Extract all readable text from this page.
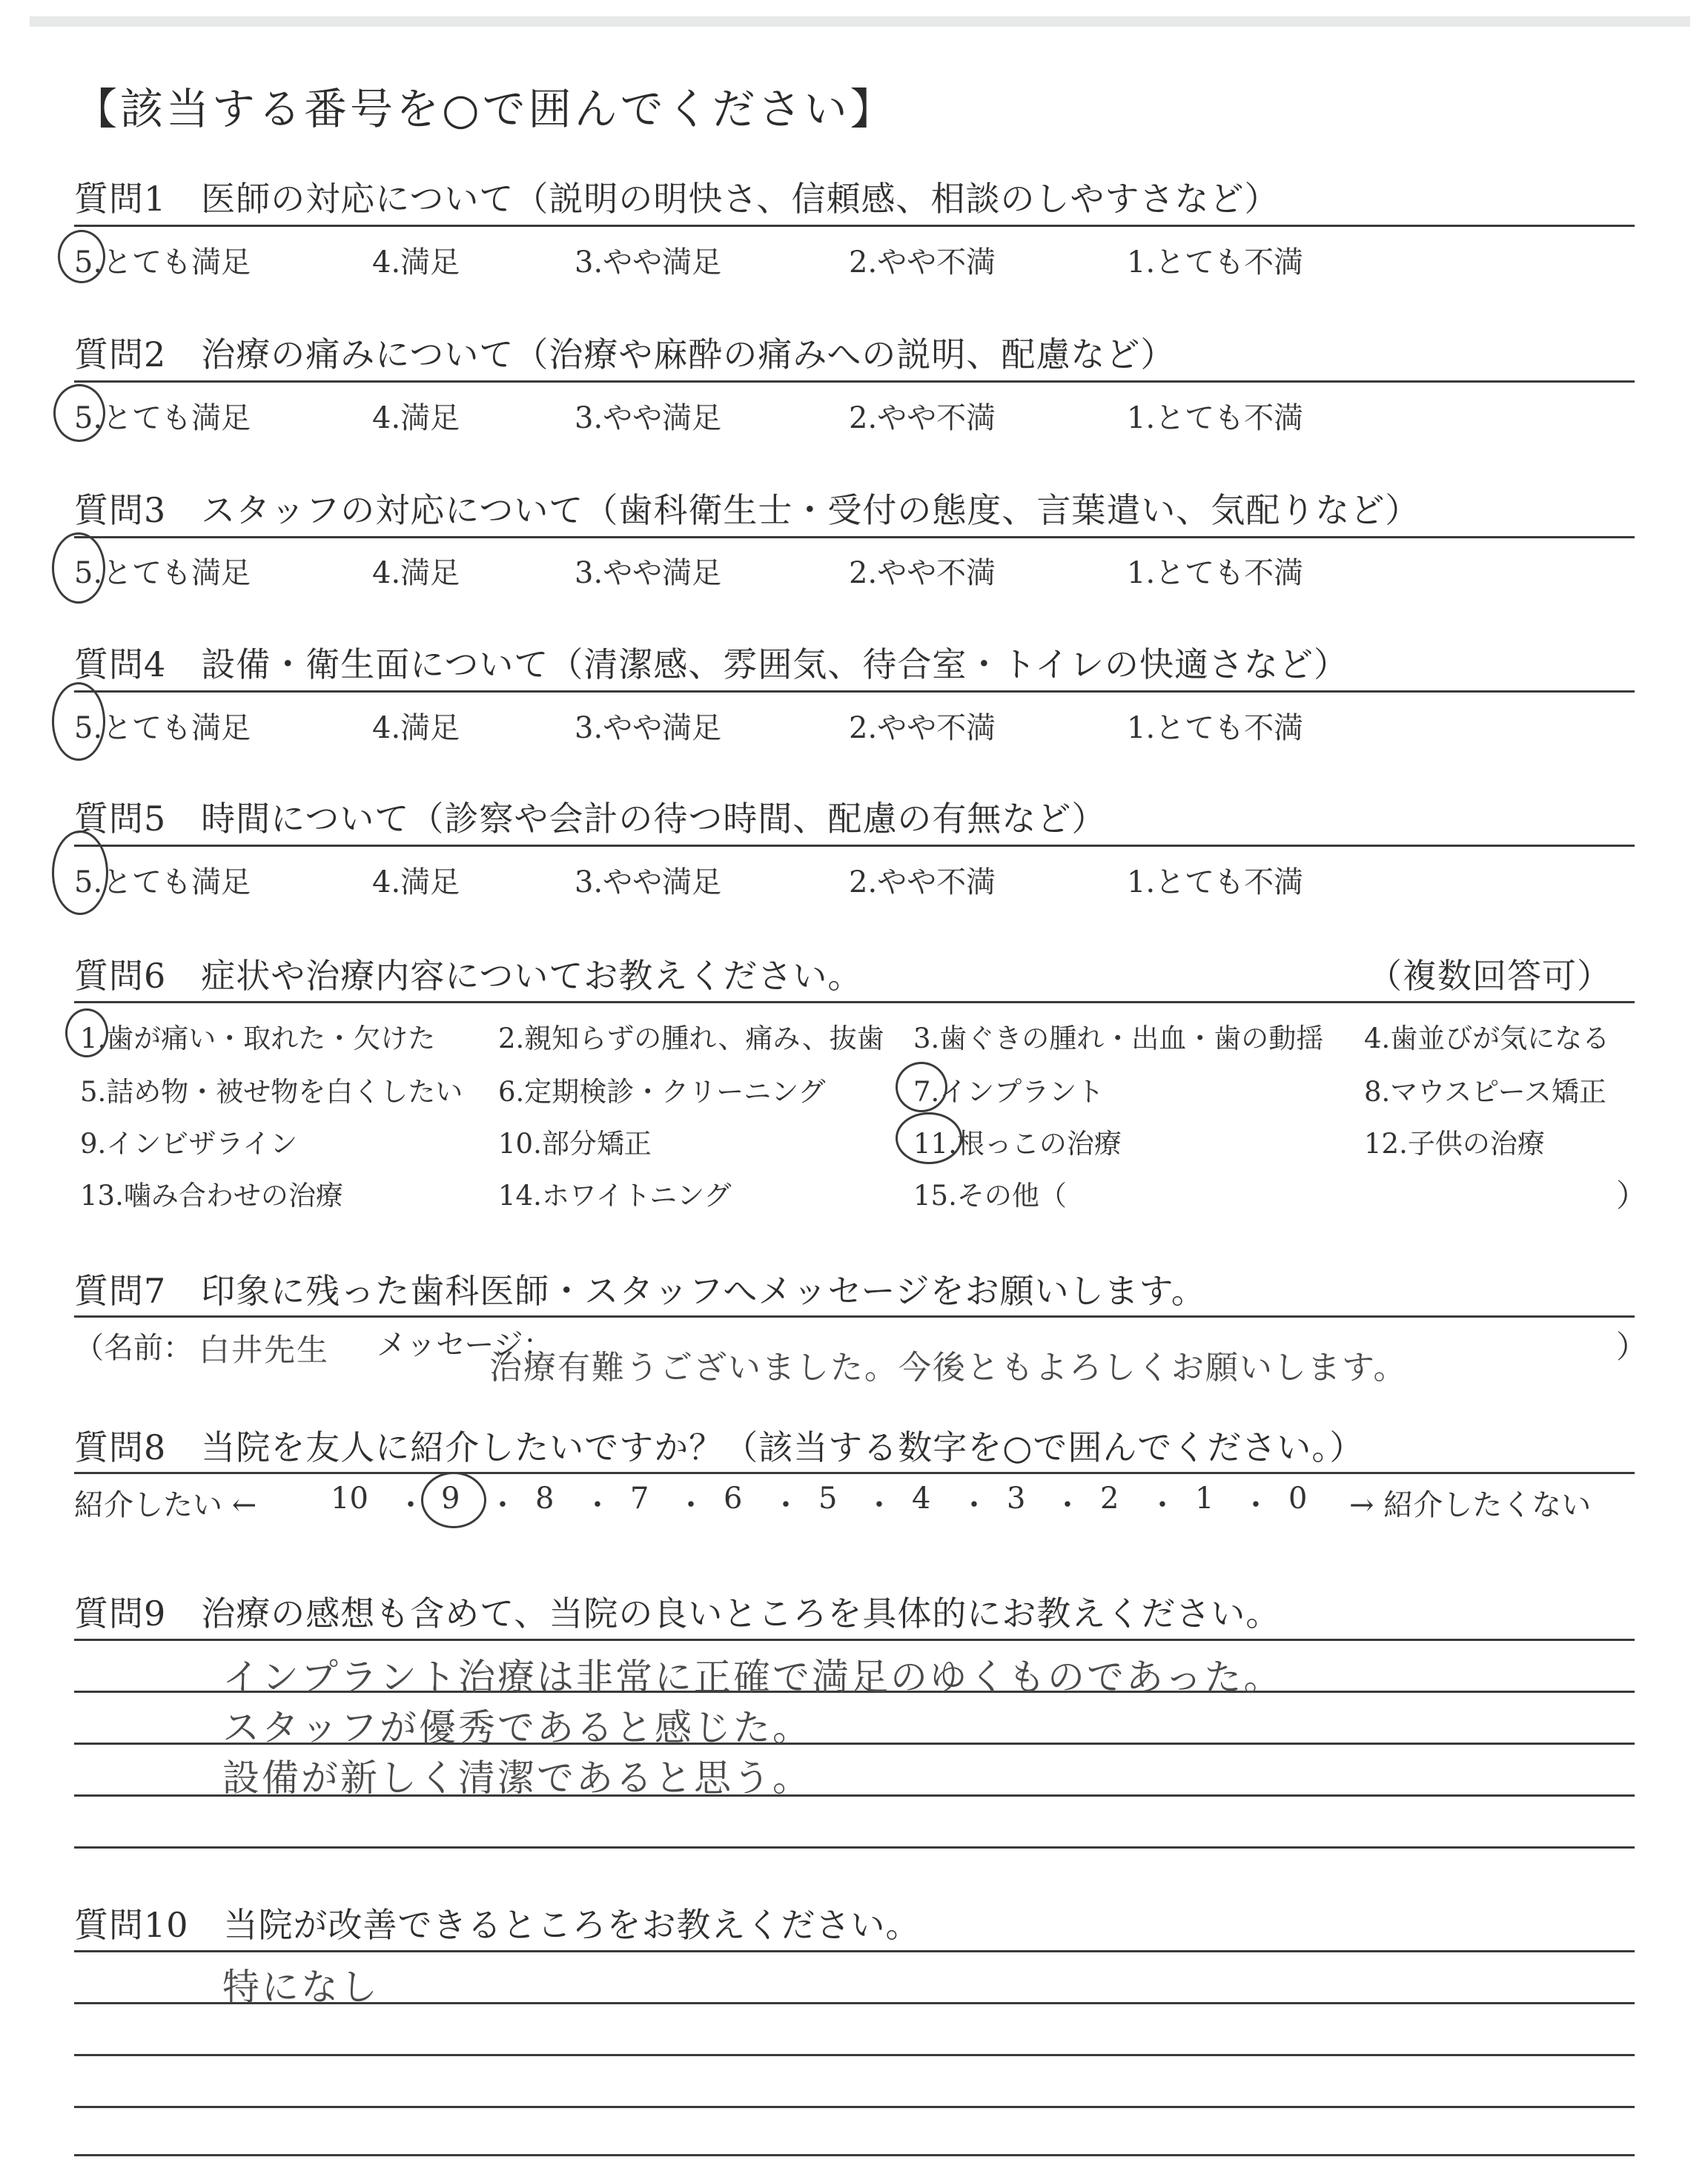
【該当する番号を○で囲んでください】
質問1　医師の対応について（説明の明快さ、信頼感、相談のしやすさなど）
5.とても満足	4.満足	3.やや満足	2.やや不満	1.とても不満
質問2　治療の痛みについて（治療や麻酔の痛みへの説明、配慮など）
5.とても満足	4.満足	3.やや満足	2.やや不満	1.とても不満
質問3　スタッフの対応について（歯科衛生士・受付の態度、言葉遣い、気配りなど）
5.とても満足	4.満足	3.やや満足	2.やや不満	1.とても不満
質問4　設備・衛生面について（清潔感、雰囲気、待合室・トイレの快適さなど）
5.とても満足	4.満足	3.やや満足	2.やや不満	1.とても不満
質問5　時間について（診察や会計の待つ時間、配慮の有無など）
5.とても満足	4.満足	3.やや満足	2.やや不満	1.とても不満
質問6　症状や治療内容についてお教えください。	（複数回答可）
1.歯が痛い・取れた・欠けた 2.親知らずの腫れ、痛み、抜歯 3.歯ぐきの腫れ・出血・歯の動揺 4.歯並びが気になる
5.詰め物・被せ物を白くしたい 6.定期検診・クリーニング	7.インプラント	8.マウスピース矯正
9.インビザライン	10.部分矯正	11.根っこの治療	12.子供の治療
13.噛み合わせの治療	14.ホワイトニング	15.その他（	）
質問7　印象に残った歯科医師・スタッフへメッセージをお願いします。
（名前： 白井先生 メッセージ：
治療有難うございました。今後ともよろしくお願いします。
）
質問8　当院を友人に紹介したいですか？（該当する数字を○で囲んでください。）
紹介したい ←	→ 紹介したくない
10 ・ 9 ・ 8 ・ 7 ・ 6 ・ 5 ・ 4 ・ 3 ・ 2 ・ 1 ・ 0
質問9　治療の感想も含めて、当院の良いところを具体的にお教えください。
インプラント治療は非常に正確で満足のゆくものであった。
スタッフが優秀であると感じた。
設備が新しく清潔であると思う。
質問10　当院が改善できるところをお教えください。
特になし
